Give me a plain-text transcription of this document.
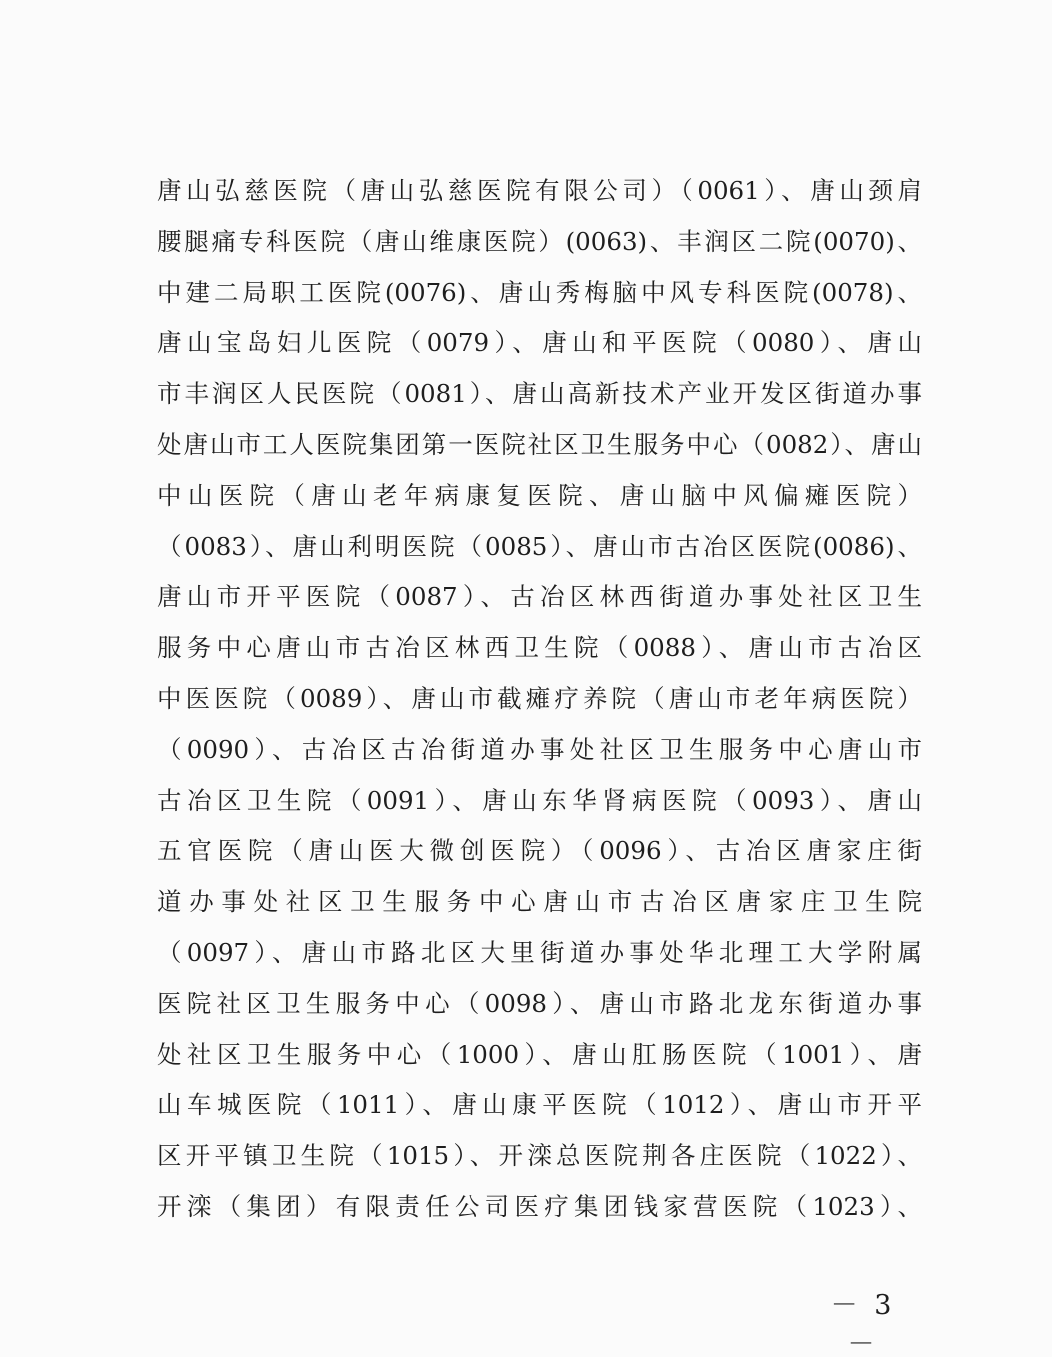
唐山弘慈医院（唐山弘慈医院有限公司）（0061）、唐山颈肩
腰腿痛专科医院（唐山维康医院）(0063)、丰润区二院(0070)、
中建二局职工医院(0076)、唐山秀梅脑中风专科医院(0078)、
唐山宝岛妇儿医院（0079）、唐山和平医院（0080）、唐山
市丰润区人民医院（0081）、唐山高新技术产业开发区街道办事
处唐山市工人医院集团第一医院社区卫生服务中心（0082）、唐山
中山医院（唐山老年病康复医院、唐山脑中风偏瘫医院）
（0083）、唐山利明医院（0085）、唐山市古冶区医院(0086)、
唐山市开平医院（0087）、古冶区林西街道办事处社区卫生
服务中心唐山市古冶区林西卫生院（0088）、唐山市古冶区
中医医院（0089）、唐山市截瘫疗养院（唐山市老年病医院）
（0090）、古冶区古冶街道办事处社区卫生服务中心唐山市
古冶区卫生院（0091）、唐山东华肾病医院（0093）、唐山
五官医院（唐山医大微创医院）（0096）、古冶区唐家庄街
道办事处社区卫生服务中心唐山市古冶区唐家庄卫生院
（0097）、唐山市路北区大里街道办事处华北理工大学附属
医院社区卫生服务中心（0098）、唐山市路北龙东街道办事
处社区卫生服务中心（1000）、唐山肛肠医院（1001）、唐
山车城医院（1011）、唐山康平医院（1012）、唐山市开平
区开平镇卫生院（1015）、开滦总医院荆各庄医院（1022）、
开滦（集团）有限责任公司医疗集团钱家营医院（1023）、
－ 3 －
